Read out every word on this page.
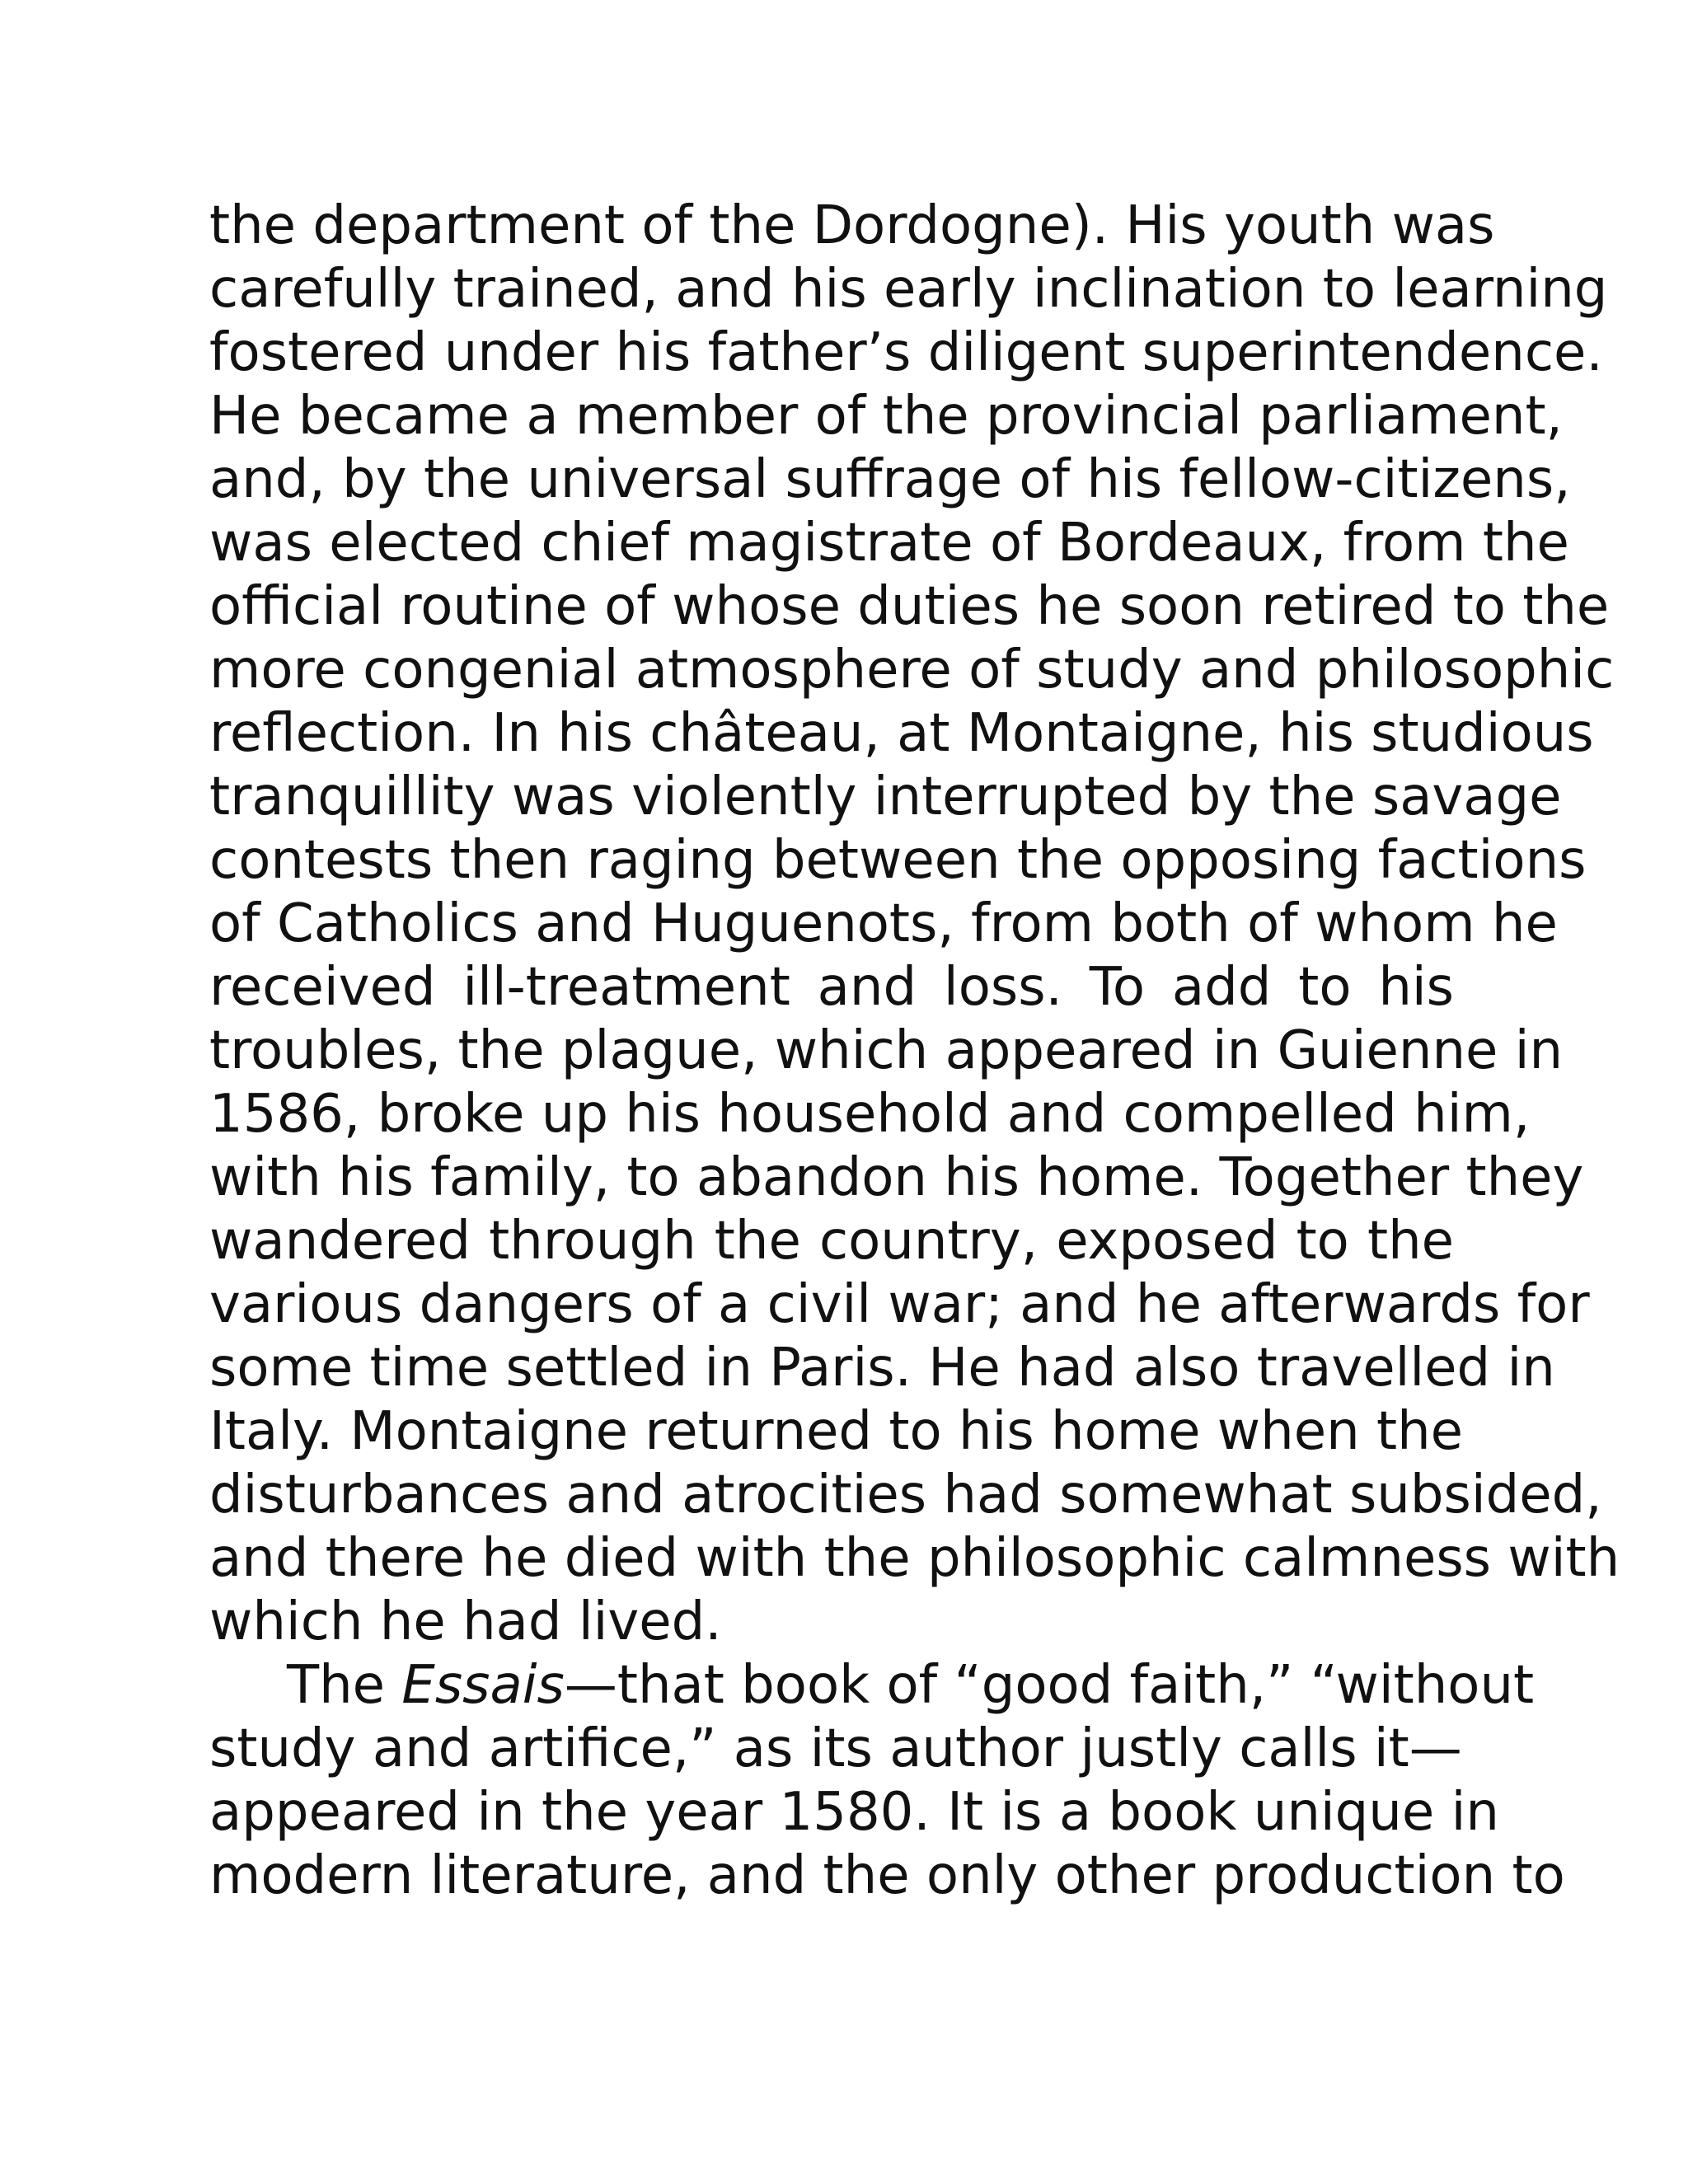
the department of the Dordogne). His youth was
carefully trained, and his early inclination to learning
fostered under his father’s diligent superintendence.
He became a member of the provincial parliament,
and, by the universal suffrage of his fellow-citizens,
was elected chief magistrate of Bordeaux, from the
official routine of whose duties he soon retired to the
more congenial atmosphere of study and philosophic
reflection. In his château, at Montaigne, his studious
tranquillity was violently interrupted by the savage
contests then raging between the opposing factions
of Catholics and Huguenots, from both of whom he
received ill-treatment and loss. To add to his
troubles, the plague, which appeared in Guienne in
1586, broke up his household and compelled him,
with his family, to abandon his home. Together they
wandered through the country, exposed to the
various dangers of a civil war; and he afterwards for
some time settled in Paris. He had also travelled in
Italy. Montaigne returned to his home when the
disturbances and atrocities had somewhat subsided,
and there he died with the philosophic calmness with
which he had lived.

The Essais—that book of “good faith,” “without
study and artifice,” as its author justly calls it—
appeared in the year 1580. It is a book unique in
modern literature, and the only other production to
